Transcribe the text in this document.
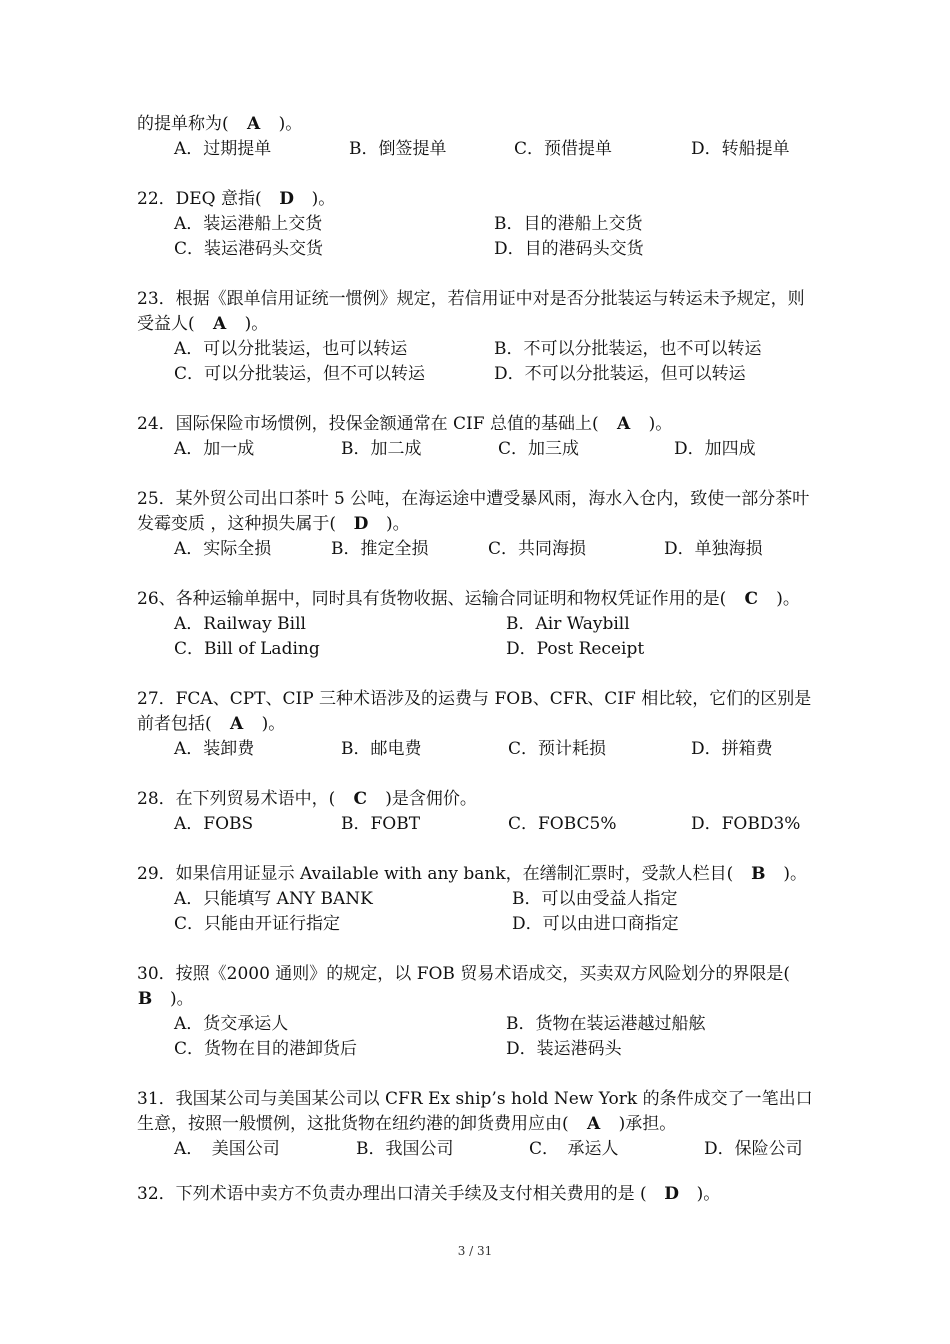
的提单称为(　A　)。
A．过期提单	B．倒签提单	C．预借提单	D．转船提单
22．DEQ 意指(　D　)。
A．装运港船上交货	B．目的港船上交货
C．装运港码头交货	D．目的港码头交货
23．根据《跟单信用证统一惯例》规定，若信用证中对是否分批装运与转运未予规定，则受益人(　A　)。
A．可以分批装运，也可以转运	B．不可以分批装运，也不可以转运
C．可以分批装运，但不可以转运	D．不可以分批装运，但可以转运
24．国际保险市场惯例，投保金额通常在 CIF 总值的基础上(　A　)。
A．加一成	B．加二成	C．加三成	D．加四成
25．某外贸公司出口茶叶 5 公吨，在海运途中遭受暴风雨，海水入仓内，致使一部分茶叶发霉变质 ，这种损失属于(　D　)。
A．实际全损	B．推定全损	C．共同海损	D．单独海损
26、各种运输单据中，同时具有货物收据、运输合同证明和物权凭证作用的是(　C　)。
A．Railway Bill	B．Air Waybill
C．Bill of Lading	D．Post Receipt
27．FCA、CPT、CIP 三种术语涉及的运费与 FOB、CFR、CIF 相比较，它们的区别是前者包括(　A　)。
A．装卸费	B．邮电费	C．预计耗损	D．拼箱费
28．在下列贸易术语中，(　C　)是含佣价。
A．FOBS	B．FOBT	C．FOBC5%	D．FOBD3%
29．如果信用证显示 Available with any bank，在缮制汇票时，受款人栏目(　B　)。
A．只能填写 ANY BANK	B．可以由受益人指定
C．只能由开证行指定	D．可以由进口商指定
30．按照《2000 通则》的规定，以 FOB 贸易术语成交，买卖双方风险划分的界限是(　B　)。
A．货交承运人	B．货物在装运港越过船舷
C．货物在目的港卸货后	D．装运港码头
31．我国某公司与美国某公司以 CFR Ex ship’s hold New York 的条件成交了一笔出口生意，按照一般惯例，这批货物在纽约港的卸货费用应由(　A　)承担。
A．　美国公司	B．我国公司	C．　承运人	D．保险公司
32．下列术语中卖方不负责办理出口清关手续及支付相关费用的是 (　D　)。
3 / 31
